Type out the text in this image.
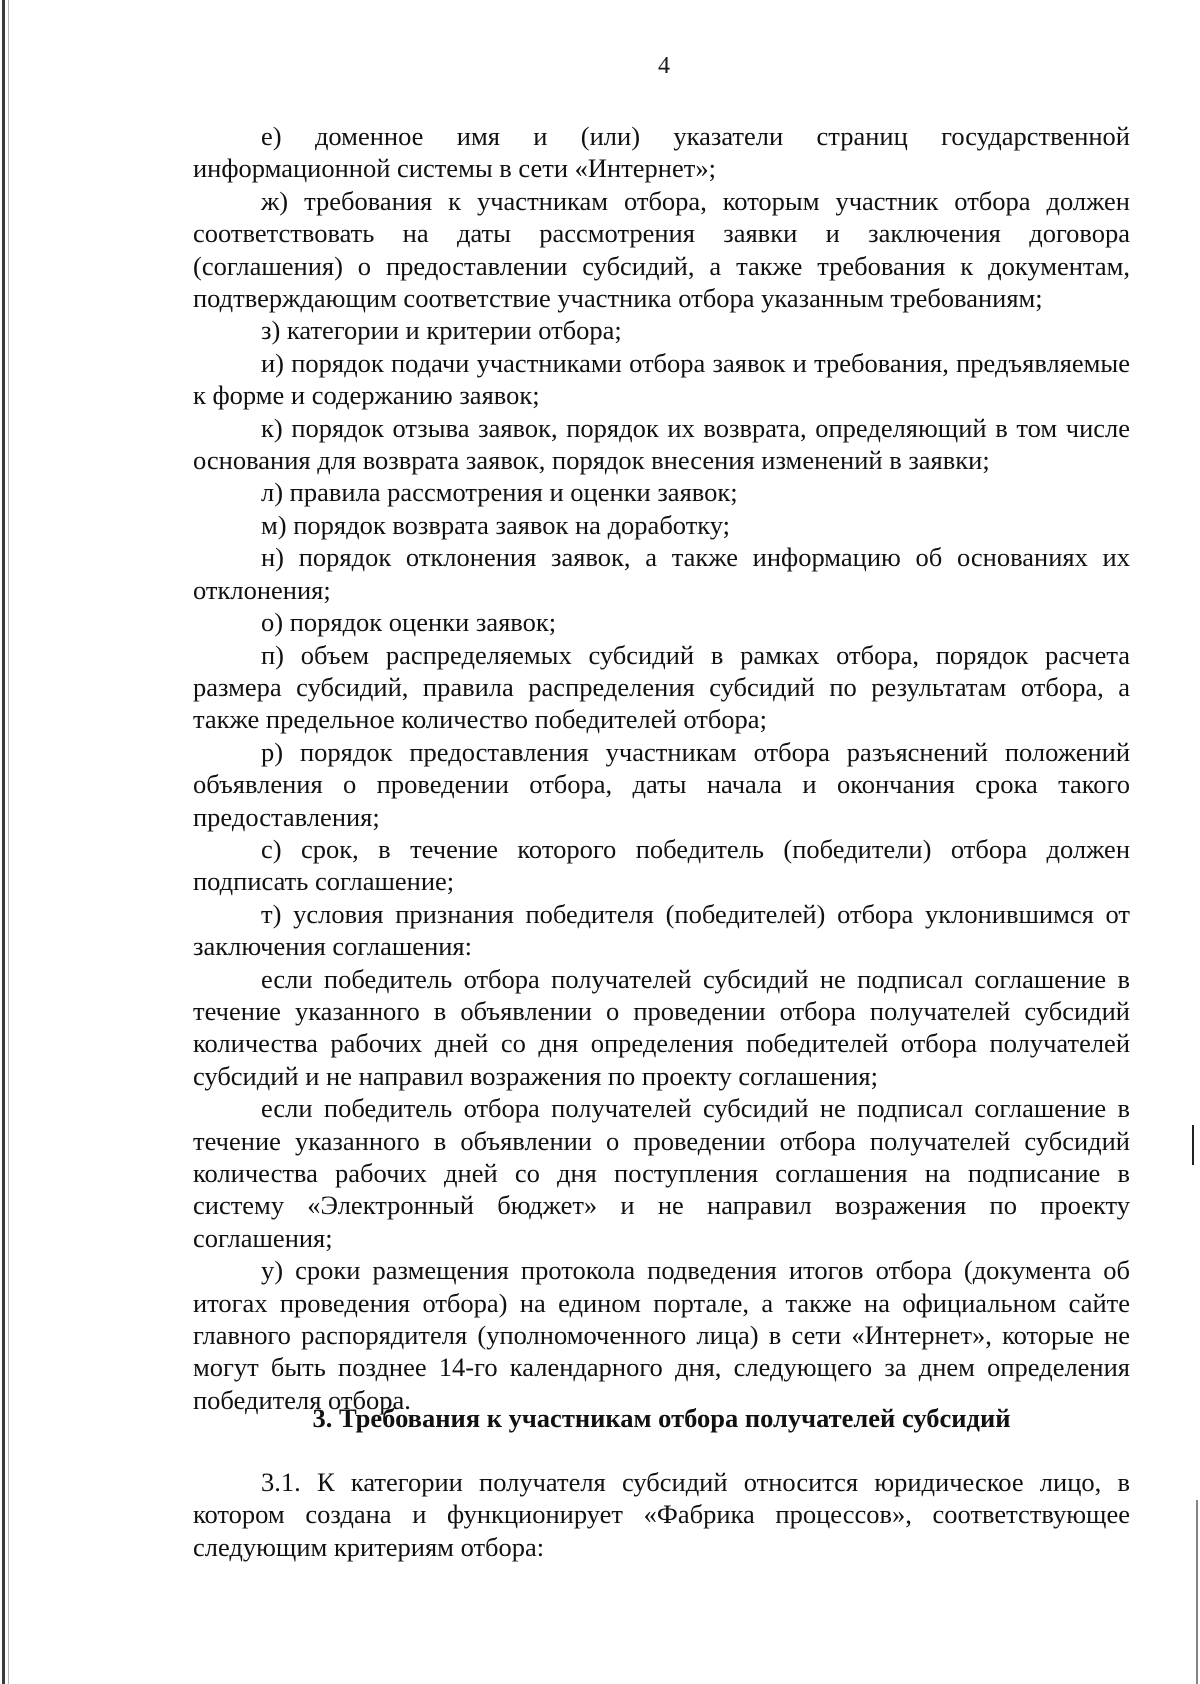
4

е) доменное имя и (или) указатели страниц государственной информационной системы в сети «Интернет»;

ж) требования к участникам отбора, которым участник отбора должен соответствовать на даты рассмотрения заявки и заключения договора (соглашения) о предоставлении субсидий, а также требования к документам, подтверждающим соответствие участника отбора указанным требованиям;

з) категории и критерии отбора;

и) порядок подачи участниками отбора заявок и требования, предъявляемые к форме и содержанию заявок;

к) порядок отзыва заявок, порядок их возврата, определяющий в том числе основания для возврата заявок, порядок внесения изменений в заявки;

л) правила рассмотрения и оценки заявок;

м) порядок возврата заявок на доработку;

н) порядок отклонения заявок, а также информацию об основаниях их отклонения;

о) порядок оценки заявок;

п) объем распределяемых субсидий в рамках отбора, порядок расчета размера субсидий, правила распределения субсидий по результатам отбора, а также предельное количество победителей отбора;

р) порядок предоставления участникам отбора разъяснений положений объявления о проведении отбора, даты начала и окончания срока такого предоставления;

с) срок, в течение которого победитель (победители) отбора должен подписать соглашение;

т) условия признания победителя (победителей) отбора уклонившимся от заключения соглашения:

если победитель отбора получателей субсидий не подписал соглашение в течение указанного в объявлении о проведении отбора получателей субсидий количества рабочих дней со дня определения победителей отбора получателей субсидий и не направил возражения по проекту соглашения;

если победитель отбора получателей субсидий не подписал соглашение в течение указанного в объявлении о проведении отбора получателей субсидий количества рабочих дней со дня поступления соглашения на подписание в систему «Электронный бюджет» и не направил возражения по проекту соглашения;

у) сроки размещения протокола подведения итогов отбора (документа об итогах проведения отбора) на едином портале, а также на официальном сайте главного распорядителя (уполномоченного лица) в сети «Интернет», которые не могут быть позднее 14-го календарного дня, следующего за днем определения победителя отбора.

3. Требования к участникам отбора получателей субсидий

3.1. К категории получателя субсидий относится юридическое лицо, в котором создана и функционирует «Фабрика процессов», соответствующее следующим критериям отбора:
